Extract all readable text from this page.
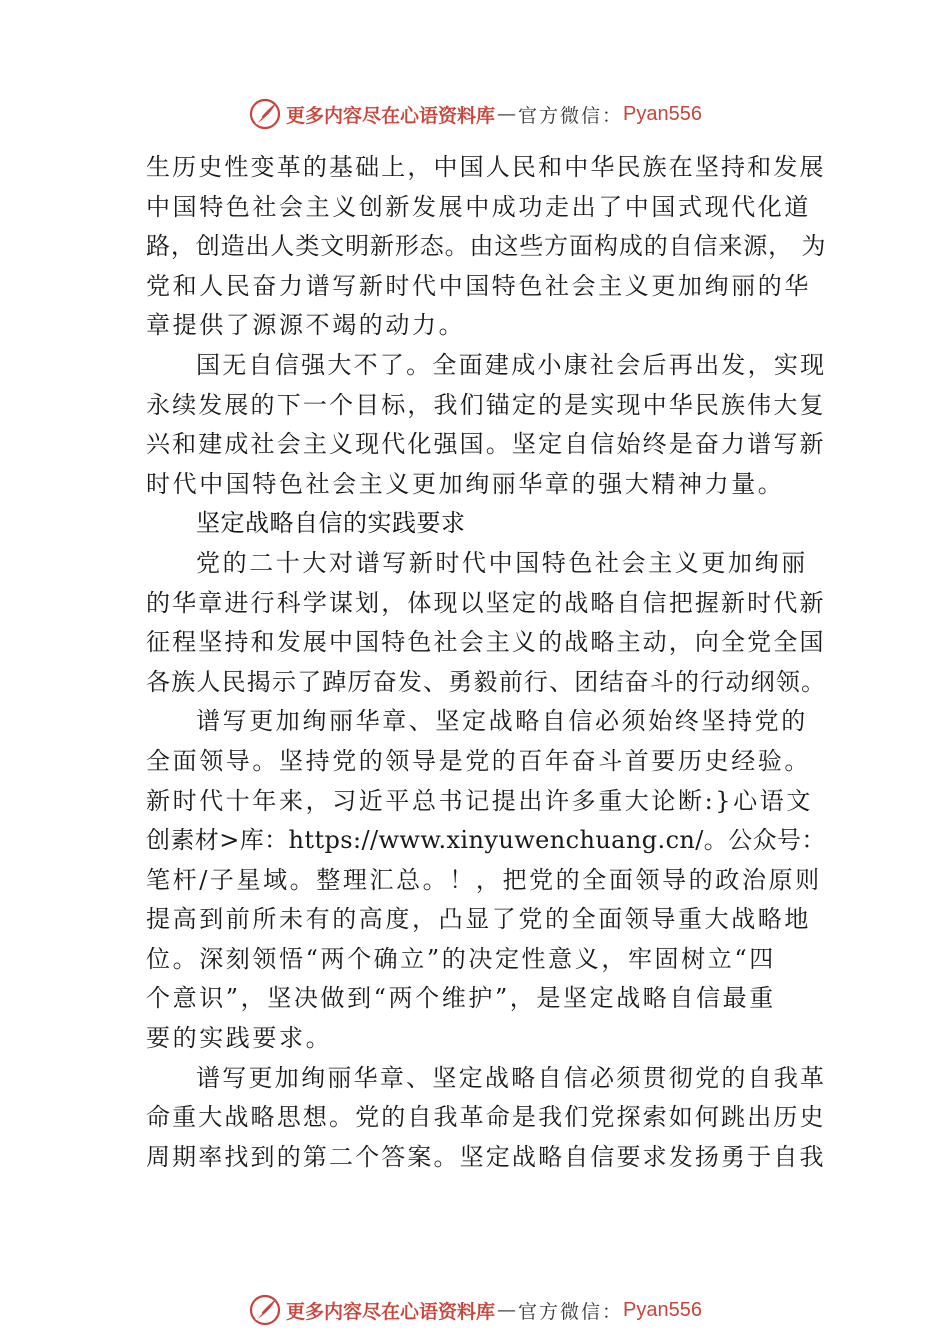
更多内容尽在心语资料库 — 官方微信： Pyan556
生历史性变革的基础上，中国人民和中华民族在坚持和发展
中国特色社会主义创新发展中成功走出了中国式现代化道
路，创造出人类文明新形态。由这些方面构成的自信来源， 为
党和人民奋力谱写新时代中国特色社会主义更加绚丽的华
章提供了源源不竭的动力。
国无自信强大不了。全面建成小康社会后再出发，实现
永续发展的下一个目标，我们锚定的是实现中华民族伟大复
兴和建成社会主义现代化强国。坚定自信始终是奋力谱写新
时代中国特色社会主义更加绚丽华章的强大精神力量。
坚定战略自信的实践要求
党的二十大对谱写新时代中国特色社会主义更加绚丽
的华章进行科学谋划，体现以坚定的战略自信把握新时代新
征程坚持和发展中国特色社会主义的战略主动，向全党全国
各族人民揭示了踔厉奋发、勇毅前行、团结奋斗的行动纲领。
谱写更加绚丽华章、坚定战略自信必须始终坚持党的
全面领导。坚持党的领导是党的百年奋斗首要历史经验。
新时代十年来，习近平总书记提出许多重大论断:}心语文
创素材>库：https://www.xinyuwenchuang.cn/。公众号：
笔杆/子星域。整理汇总。！，把党的全面领导的政治原则
提高到前所未有的高度，凸显了党的全面领导重大战略地
位。深刻领悟“两个确立”的决定性意义，牢固树立“四
个意识”，坚决做到“两个维护”，是坚定战略自信最重
要的实践要求。
谱写更加绚丽华章、坚定战略自信必须贯彻党的自我革
命重大战略思想。党的自我革命是我们党探索如何跳出历史
周期率找到的第二个答案。坚定战略自信要求发扬勇于自我
更多内容尽在心语资料库 — 官方微信： Pyan556
